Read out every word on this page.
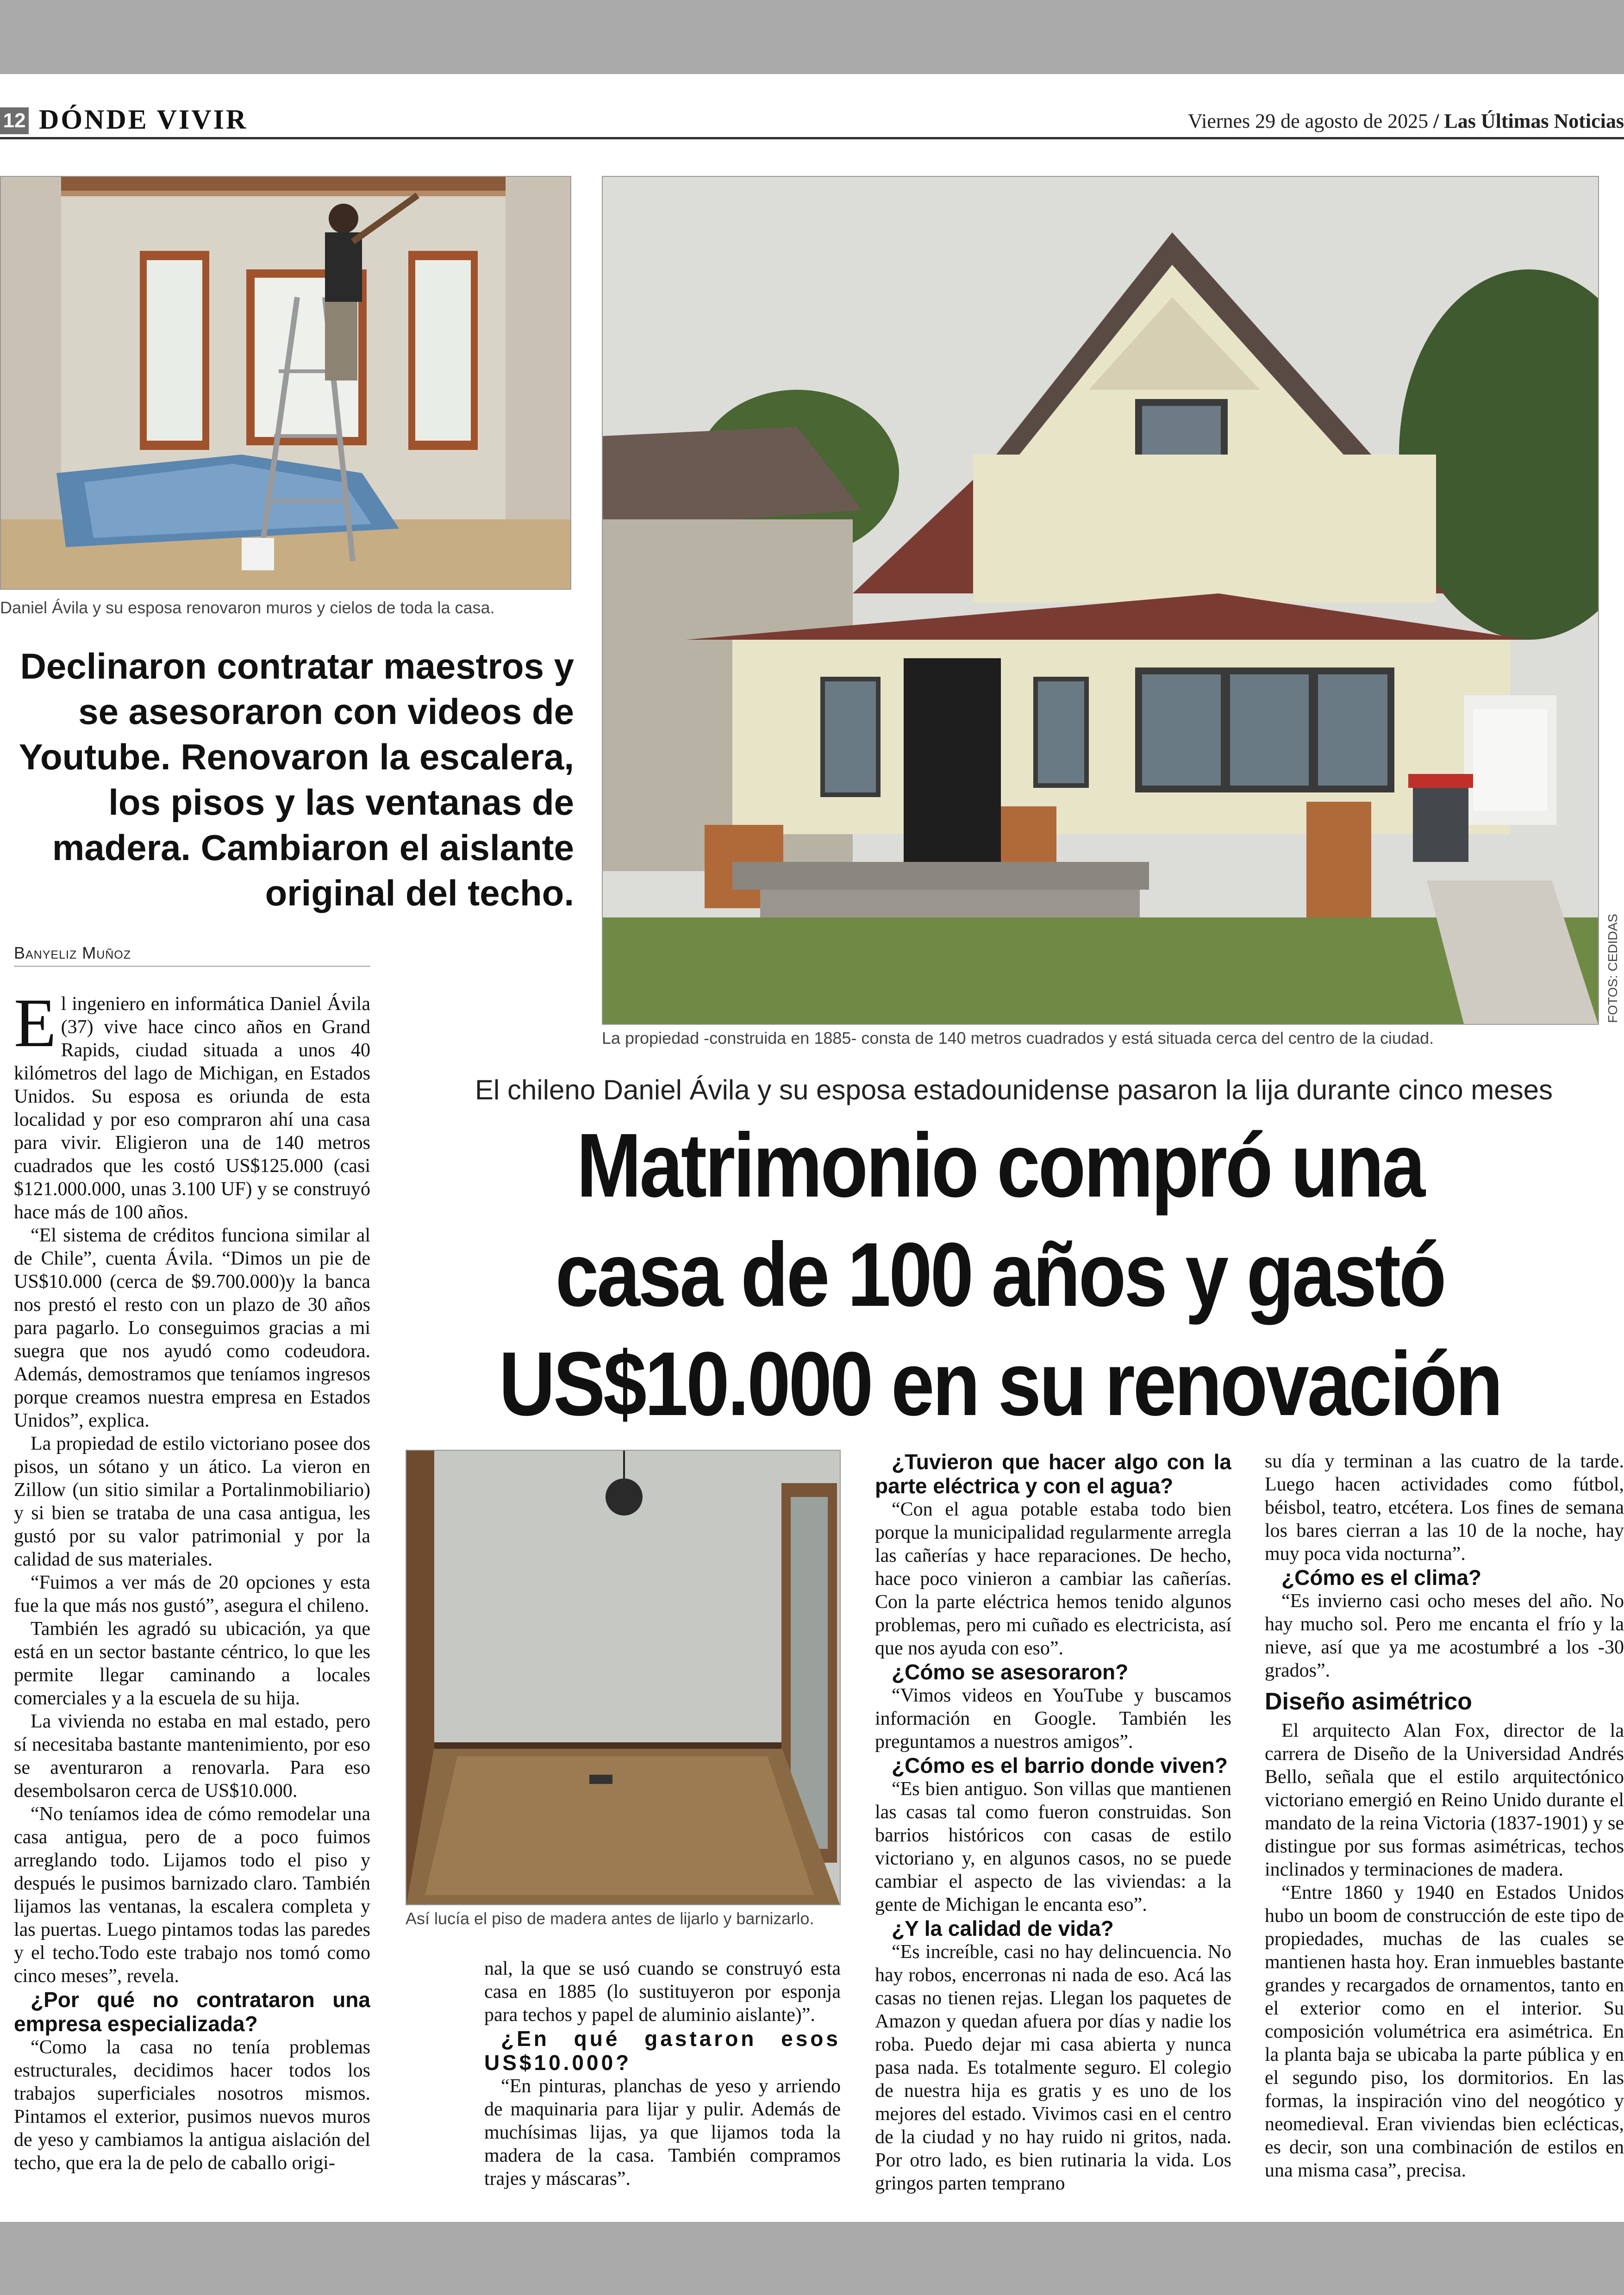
12 DÓNDE VIVIR	Viernes 29 de agosto de 2025 / Las Últimas Noticias
Daniel Ávila y su esposa renovaron muros y cielos de toda la casa.
Declinaron contratar maestros y se asesoraron con videos de Youtube. Renovaron la escalera, los pisos y las ventanas de madera. Cambiaron el aislante original del techo.
Banyeliz Muñoz
La propiedad -construida en 1885- consta de 140 metros cuadrados y está situada cerca del centro de la ciudad.
FOTOS: CEDIDAS
El chileno Daniel Ávila y su esposa estadounidense pasaron la lija durante cinco meses
Matrimonio compró una casa de 100 años y gastó US$10.000 en su renovación
Así lucía el piso de madera antes de lijarlo y barnizarlo.

El ingeniero en informática Daniel Ávila (37) vive hace cinco años en Grand Rapids, ciudad situada a unos 40 kilómetros del lago de Michigan, en Estados Unidos. Su esposa es oriunda de esta localidad y por eso compraron ahí una casa para vivir. Eligieron una de 140 metros cuadrados que les costó US$125.000 (casi $121.000.000, unas 3.100 UF) y se construyó hace más de 100 años.

“El sistema de créditos funciona similar al de Chile”, cuenta Ávila. “Dimos un pie de US$10.000 (cerca de $9.700.000)y la banca nos prestó el resto con un plazo de 30 años para pagarlo. Lo conseguimos gracias a mi suegra que nos ayudó como codeudora. Además, demostramos que teníamos ingresos porque creamos nuestra empresa en Estados Unidos”, explica.

La propiedad de estilo victoriano posee dos pisos, un sótano y un ático. La vieron en Zillow (un sitio similar a Portalinmobiliario) y si bien se trataba de una casa antigua, les gustó por su valor patrimonial y por la calidad de sus materiales.

“Fuimos a ver más de 20 opciones y esta fue la que más nos gustó”, asegura el chileno.

También les agradó su ubicación, ya que está en un sector bastante céntrico, lo que les permite llegar caminando a locales comerciales y a la escuela de su hija.

La vivienda no estaba en mal estado, pero sí necesitaba bastante mantenimiento, por eso se aventuraron a renovarla. Para eso desembolsaron cerca de US$10.000.

“No teníamos idea de cómo remodelar una casa antigua, pero de a poco fuimos arreglando todo. Lijamos todo el piso y después le pusimos barnizado claro. También lijamos las ventanas, la escalera completa y las puertas. Luego pintamos todas las paredes y el techo.Todo este trabajo nos tomó como cinco meses”, revela.

¿Por qué no contrataron una empresa especializada?

“Como la casa no tenía problemas estructurales, decidimos hacer todos los trabajos superficiales nosotros mismos. Pintamos el exterior, pusimos nuevos muros de yeso y cambiamos la antigua aislación del techo, que era la de pelo de caballo origi-

nal, la que se usó cuando se construyó esta casa en 1885 (lo sustituyeron por esponja para techos y papel de aluminio aislante)”.

¿En qué gastaron esos US$10.000?

“En pinturas, planchas de yeso y arriendo de maquinaria para lijar y pulir. Además de muchísimas lijas, ya que lijamos toda la madera de la casa. También compramos trajes y máscaras”.

¿Tuvieron que hacer algo con la parte eléctrica y con el agua?

“Con el agua potable estaba todo bien porque la municipalidad regularmente arregla las cañerías y hace reparaciones. De hecho, hace poco vinieron a cambiar las cañerías. Con la parte eléctrica hemos tenido algunos problemas, pero mi cuñado es electricista, así que nos ayuda con eso”.

¿Cómo se asesoraron?

“Vimos videos en YouTube y buscamos información en Google. También les preguntamos a nuestros amigos”.

¿Cómo es el barrio donde viven?

“Es bien antiguo. Son villas que mantienen las casas tal como fueron construidas. Son barrios históricos con casas de estilo victoriano y, en algunos casos, no se puede cambiar el aspecto de las viviendas: a la gente de Michigan le encanta eso”.

¿Y la calidad de vida?

“Es increíble, casi no hay delincuencia. No hay robos, encerronas ni nada de eso. Acá las casas no tienen rejas. Llegan los paquetes de Amazon y quedan afuera por días y nadie los roba. Puedo dejar mi casa abierta y nunca pasa nada. Es totalmente seguro. El colegio de nuestra hija es gratis y es uno de los mejores del estado. Vivimos casi en el centro de la ciudad y no hay ruido ni gritos, nada. Por otro lado, es bien rutinaria la vida. Los gringos parten temprano

su día y terminan a las cuatro de la tarde. Luego hacen actividades como fútbol, béisbol, teatro, etcétera. Los fines de semana los bares cierran a las 10 de la noche, hay muy poca vida nocturna”.

¿Cómo es el clima?

“Es invierno casi ocho meses del año. No hay mucho sol. Pero me encanta el frío y la nieve, así que ya me acostumbré a los -30 grados”.

Diseño asimétrico

El arquitecto Alan Fox, director de la carrera de Diseño de la Universidad Andrés Bello, señala que el estilo arquitectónico victoriano emergió en Reino Unido durante el mandato de la reina Victoria (1837-1901) y se distingue por sus formas asimétricas, techos inclinados y terminaciones de madera.

“Entre 1860 y 1940 en Estados Unidos hubo un boom de construcción de este tipo de propiedades, muchas de las cuales se mantienen hasta hoy. Eran inmuebles bastante grandes y recargados de ornamentos, tanto en el exterior como en el interior. Su composición volumétrica era asimétrica. En la planta baja se ubicaba la parte pública y en el segundo piso, los dormitorios. En las formas, la inspiración vino del neogótico y neomedieval. Eran viviendas bien eclécticas, es decir, son una combinación de estilos en una misma casa”, precisa.
